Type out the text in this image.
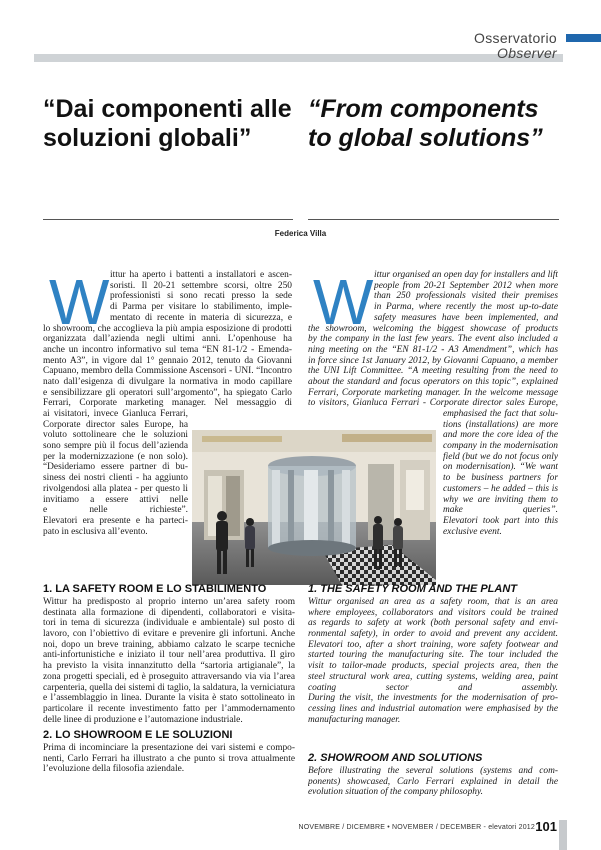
Osservatorio
Observer
“Dai componenti alle soluzioni globali”
“From components to global solutions”
Federica Villa
W ittur ha aperto i battenti a installatori e ascen-
soristi. Il 20-21 settembre scorsi, oltre 250
professionisti si sono recati presso la sede
di Parma per visitare lo stabilimento, imple-
mentato di recente in materia di sicurezza, e
lo showroom, che accoglieva la più ampia esposizione di prodotti
organizzata dall’azienda negli ultimi anni. L’openhouse ha
anche un incontro informativo sul tema “EN 81-1/2 - Emenda-
mento A3”, in vigore dal 1° gennaio 2012, tenuto da Giovanni
Capuano, membro della Commissione Ascensori - UNI. “Incontro
nato dall’esigenza di divulgare la normativa in modo capillare
e sensibilizzare gli operatori sull’argomento”, ha spiegato Carlo
Ferrari, Corporate marketing manager. Nel messaggio di
ai visitatori, invece Gianluca Ferrari,
Corporate director sales Europe, ha
voluto sottolineare che le soluzioni
sono sempre più il focus dell’azienda
per la modernizzazione (e non solo).
“Desideriamo essere partner di bu-
siness dei nostri clienti - ha aggiunto
rivolgendosi alla platea - per questo li
invitiamo a essere attivi nelle
e nelle richieste”.
Elevatori era presente e ha parteci-
pato in esclusiva all’evento.
W ittur organised an open day for installers and lift
people from 20-21 September 2012 when more
than 250 professionals visited their premises
in Parma, where recently the most up-to-date
safety measures have been implemented, and
the showroom, welcoming the biggest showcase of products
by the company in the last few years. The event also included a
ning meeting on the “EN 81-1/2 - A3 Amendment”, which has
in force since 1st January 2012, by Giovanni Capuano, a member
the UNI Lift Committee. “A meeting resulting from the need to
about the standard and focus operators on this topic”, explained
Ferrari, Corporate marketing manager. In the welcome message
to visitors, Gianluca Ferrari - Corporate director sales Europe,
emphasised the fact that solu-
tions (installations) are more
and more the core idea of the
company in the modernisation
field (but we do not focus only
on modernisation). “We want
to be business partners for
customers – he added – this is
why we are inviting them to
make queries”.
Elevatori took part into this
exclusive event.
1. LA SAFETY ROOM E LO STABILIMENTO
Wittur ha predisposto al proprio interno un’area safety room
destinata alla formazione di dipendenti, collaboratori e visita-
tori in tema di sicurezza (individuale e ambientale) sul posto di
lavoro, con l’obiettivo di evitare e prevenire gli infortuni. Anche
noi, dopo un breve training, abbiamo calzato le scarpe tecniche
anti-infortunistiche e iniziato il tour nell’area produttiva. Il giro
ha previsto la visita innanzitutto della “sartoria artigianale”, la
zona progetti speciali, ed è proseguito attraversando via via l’area
carpenteria, quella dei sistemi di taglio, la saldatura, la verniciatura
e l’assemblaggio in linea. Durante la visita è stato sottolineato in
particolare il recente investimento fatto per l’ammodernamento
delle linee di produzione e l’automazione industriale.
2. LO SHOWROOM E LE SOLUZIONI
Prima di incominciare la presentazione dei vari sistemi e compo-
nenti, Carlo Ferrari ha illustrato a che punto si trova attualmente
l’evoluzione della filosofia aziendale.
1. THE SAFETY ROOM AND THE PLANT
Wittur organised an area as a safety room, that is an area
where employees, collaborators and visitors could be trained
as regards to safety at work (both personal safety and envi-
ronmental safety), in order to avoid and prevent any accident.
Elevatori too, after a short training, wore safety footwear and
started touring the manufacturing site. The tour included the
visit to tailor-made products, special projects area, then the
steel structural work area, cutting systems, welding area, paint
coating sector and assembly.
During the visit, the investments for the modernisation of pro-
cessing lines and industrial automation were emphasised by the
manufacturing manager.
2. SHOWROOM AND SOLUTIONS
Before illustrating the several solutions (systems and com-
ponents) showcased, Carlo Ferrari explained in detail the
evolution situation of the company philosophy.
NOVEMBRE / DICEMBRE • NOVEMBER / DECEMBER - elevatori 2012 101
